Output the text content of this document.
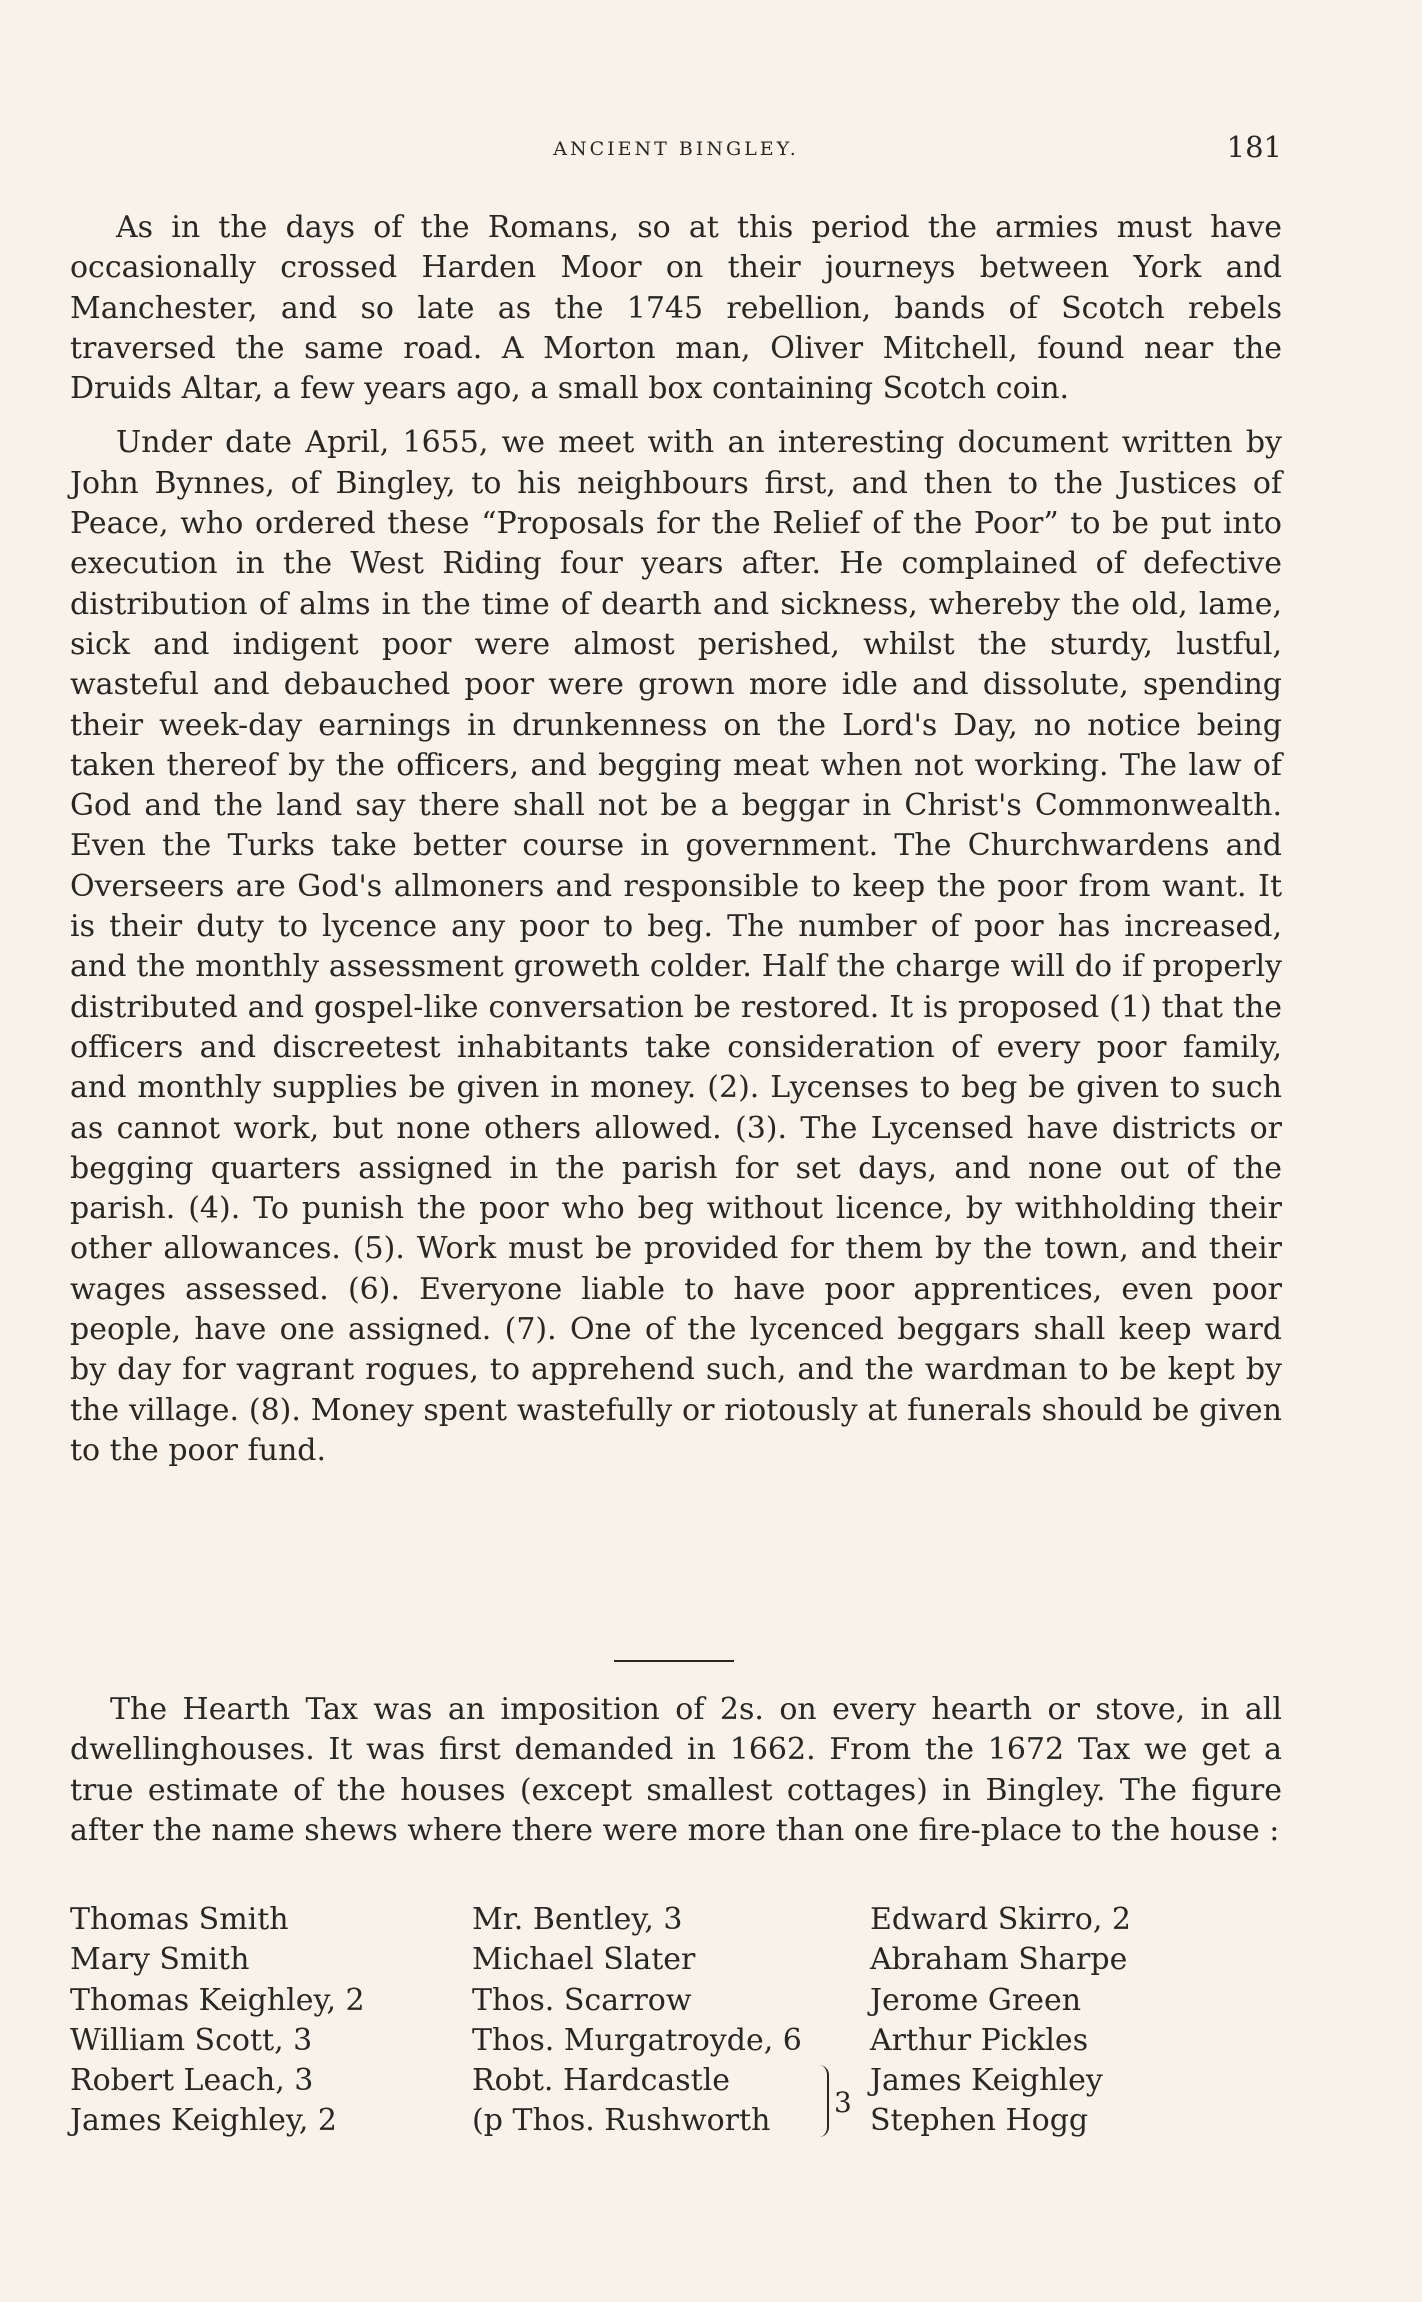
ANCIENT BINGLEY.	181

As in the days of the Romans, so at this period the armies must have occasionally crossed Harden Moor on their journeys between York and Manchester, and so late as the 1745 rebellion, bands of Scotch rebels traversed the same road. A Morton man, Oliver Mitchell, found near the Druids Altar, a few years ago, a small box containing Scotch coin.

Under date April, 1655, we meet with an interesting document written by John Bynnes, of Bingley, to his neighbours first, and then to the Justices of Peace, who ordered these “Proposals for the Relief of the Poor” to be put into execution in the West Riding four years after. He complained of defective distribution of alms in the time of dearth and sickness, whereby the old, lame, sick and indigent poor were almost perished, whilst the sturdy, lustful, wasteful and debauched poor were grown more idle and dissolute, spending their week-day earnings in drunkenness on the Lord's Day, no notice being taken thereof by the officers, and begging meat when not working. The law of God and the land say there shall not be a beggar in Christ's Commonwealth. Even the Turks take better course in government. The Churchwardens and Overseers are God's allmoners and responsible to keep the poor from want. It is their duty to lycence any poor to beg. The number of poor has increased, and the monthly assessment groweth colder. Half the charge will do if properly distributed and gospel-like conversation be restored. It is proposed (1) that the officers and discreetest inhabitants take consideration of every poor family, and monthly supplies be given in money. (2). Lycenses to beg be given to such as cannot work, but none others allowed. (3). The Lycensed have districts or begging quarters assigned in the parish for set days, and none out of the parish. (4). To punish the poor who beg without licence, by withholding their other allowances. (5). Work must be provided for them by the town, and their wages assessed. (6). Everyone liable to have poor apprentices, even poor people, have one assigned. (7). One of the lycenced beggars shall keep ward by day for vagrant rogues, to apprehend such, and the wardman to be kept by the village. (8). Money spent wastefully or riotously at funerals should be given to the poor fund.

The Hearth Tax was an imposition of 2s. on every hearth or stove, in all dwellinghouses. It was first demanded in 1662. From the 1672 Tax we get a true estimate of the houses (except smallest cottages) in Bingley. The figure after the name shews where there were more than one fire-place to the house :

Thomas Smith
Mary Smith
Thomas Keighley, 2
William Scott, 3
Robert Leach, 3
James Keighley, 2
Mr. Bentley, 3
Michael Slater
Thos. Scarrow
Thos. Murgatroyde, 6
Robt. Hardcastle
(p Thos. Rushworth
3
Edward Skirro, 2
Abraham Sharpe
Jerome Green
Arthur Pickles
James Keighley
Stephen Hogg
